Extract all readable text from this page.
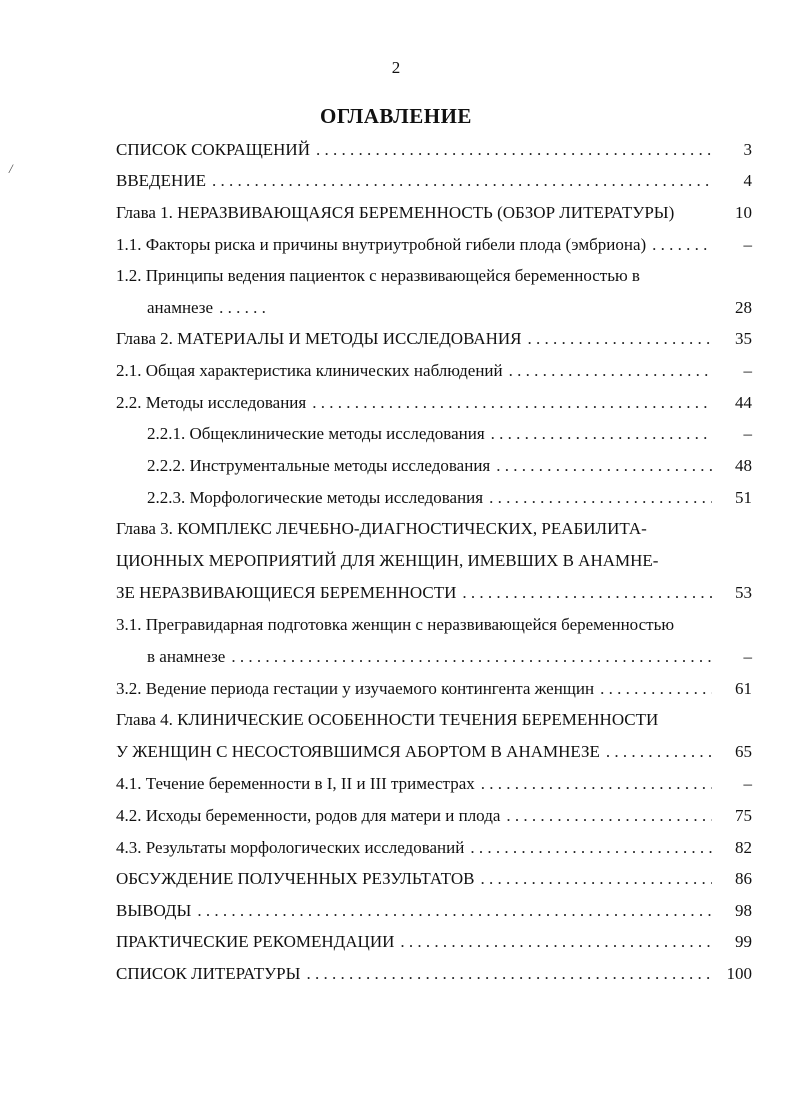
2
ОГЛАВЛЕНИЕ
/
СПИСОК СОКРАЩЕНИЙ . . .	3
ВВЕДЕНИЕ . . .	4
Глава 1. НЕРАЗВИВАЮЩАЯСЯ БЕРЕМЕННОСТЬ (ОБЗОР ЛИТЕРАТУРЫ)	10
1.1. Факторы риска и причины внутриутробной гибели плода (эмбриона) . . .	–
1.2. Принципы ведения пациенток с неразвивающейся беременностью в
анамнезе . . .	28
Глава 2. МАТЕРИАЛЫ И МЕТОДЫ ИССЛЕДОВАНИЯ . . .	35
2.1. Общая характеристика клинических наблюдений . . .	–
2.2. Методы исследования . . .	44
2.2.1. Общеклинические методы исследования . . .	–
2.2.2. Инструментальные методы исследования . . .	48
2.2.3. Морфологические методы исследования . . .	51
Глава 3. КОМПЛЕКС ЛЕЧЕБНО-ДИАГНОСТИЧЕСКИХ, РЕАБИЛИТА-
ЦИОННЫХ МЕРОПРИЯТИЙ ДЛЯ ЖЕНЩИН, ИМЕВШИХ В АНАМНЕ-
ЗЕ НЕРАЗВИВАЮЩИЕСЯ БЕРЕМЕННОСТИ . . .	53
3.1. Прегравидарная подготовка женщин с неразвивающейся беременностью
в анамнезе . . .	–
3.2. Ведение периода гестации у изучаемого контингента женщин . . .	61
Глава 4. КЛИНИЧЕСКИЕ ОСОБЕННОСТИ ТЕЧЕНИЯ БЕРЕМЕННОСТИ
У ЖЕНЩИН С НЕСОСТОЯВШИМСЯ АБОРТОМ В АНАМНЕЗЕ . . .	65
4.1. Течение беременности в I, II и III триместрах . . .	–
4.2. Исходы беременности, родов для матери и плода . . .	75
4.3. Результаты морфологических исследований . . .	82
ОБСУЖДЕНИЕ ПОЛУЧЕННЫХ РЕЗУЛЬТАТОВ . . .	86
ВЫВОДЫ . . .	98
ПРАКТИЧЕСКИЕ РЕКОМЕНДАЦИИ . . .	99
СПИСОК ЛИТЕРАТУРЫ . . .	100
